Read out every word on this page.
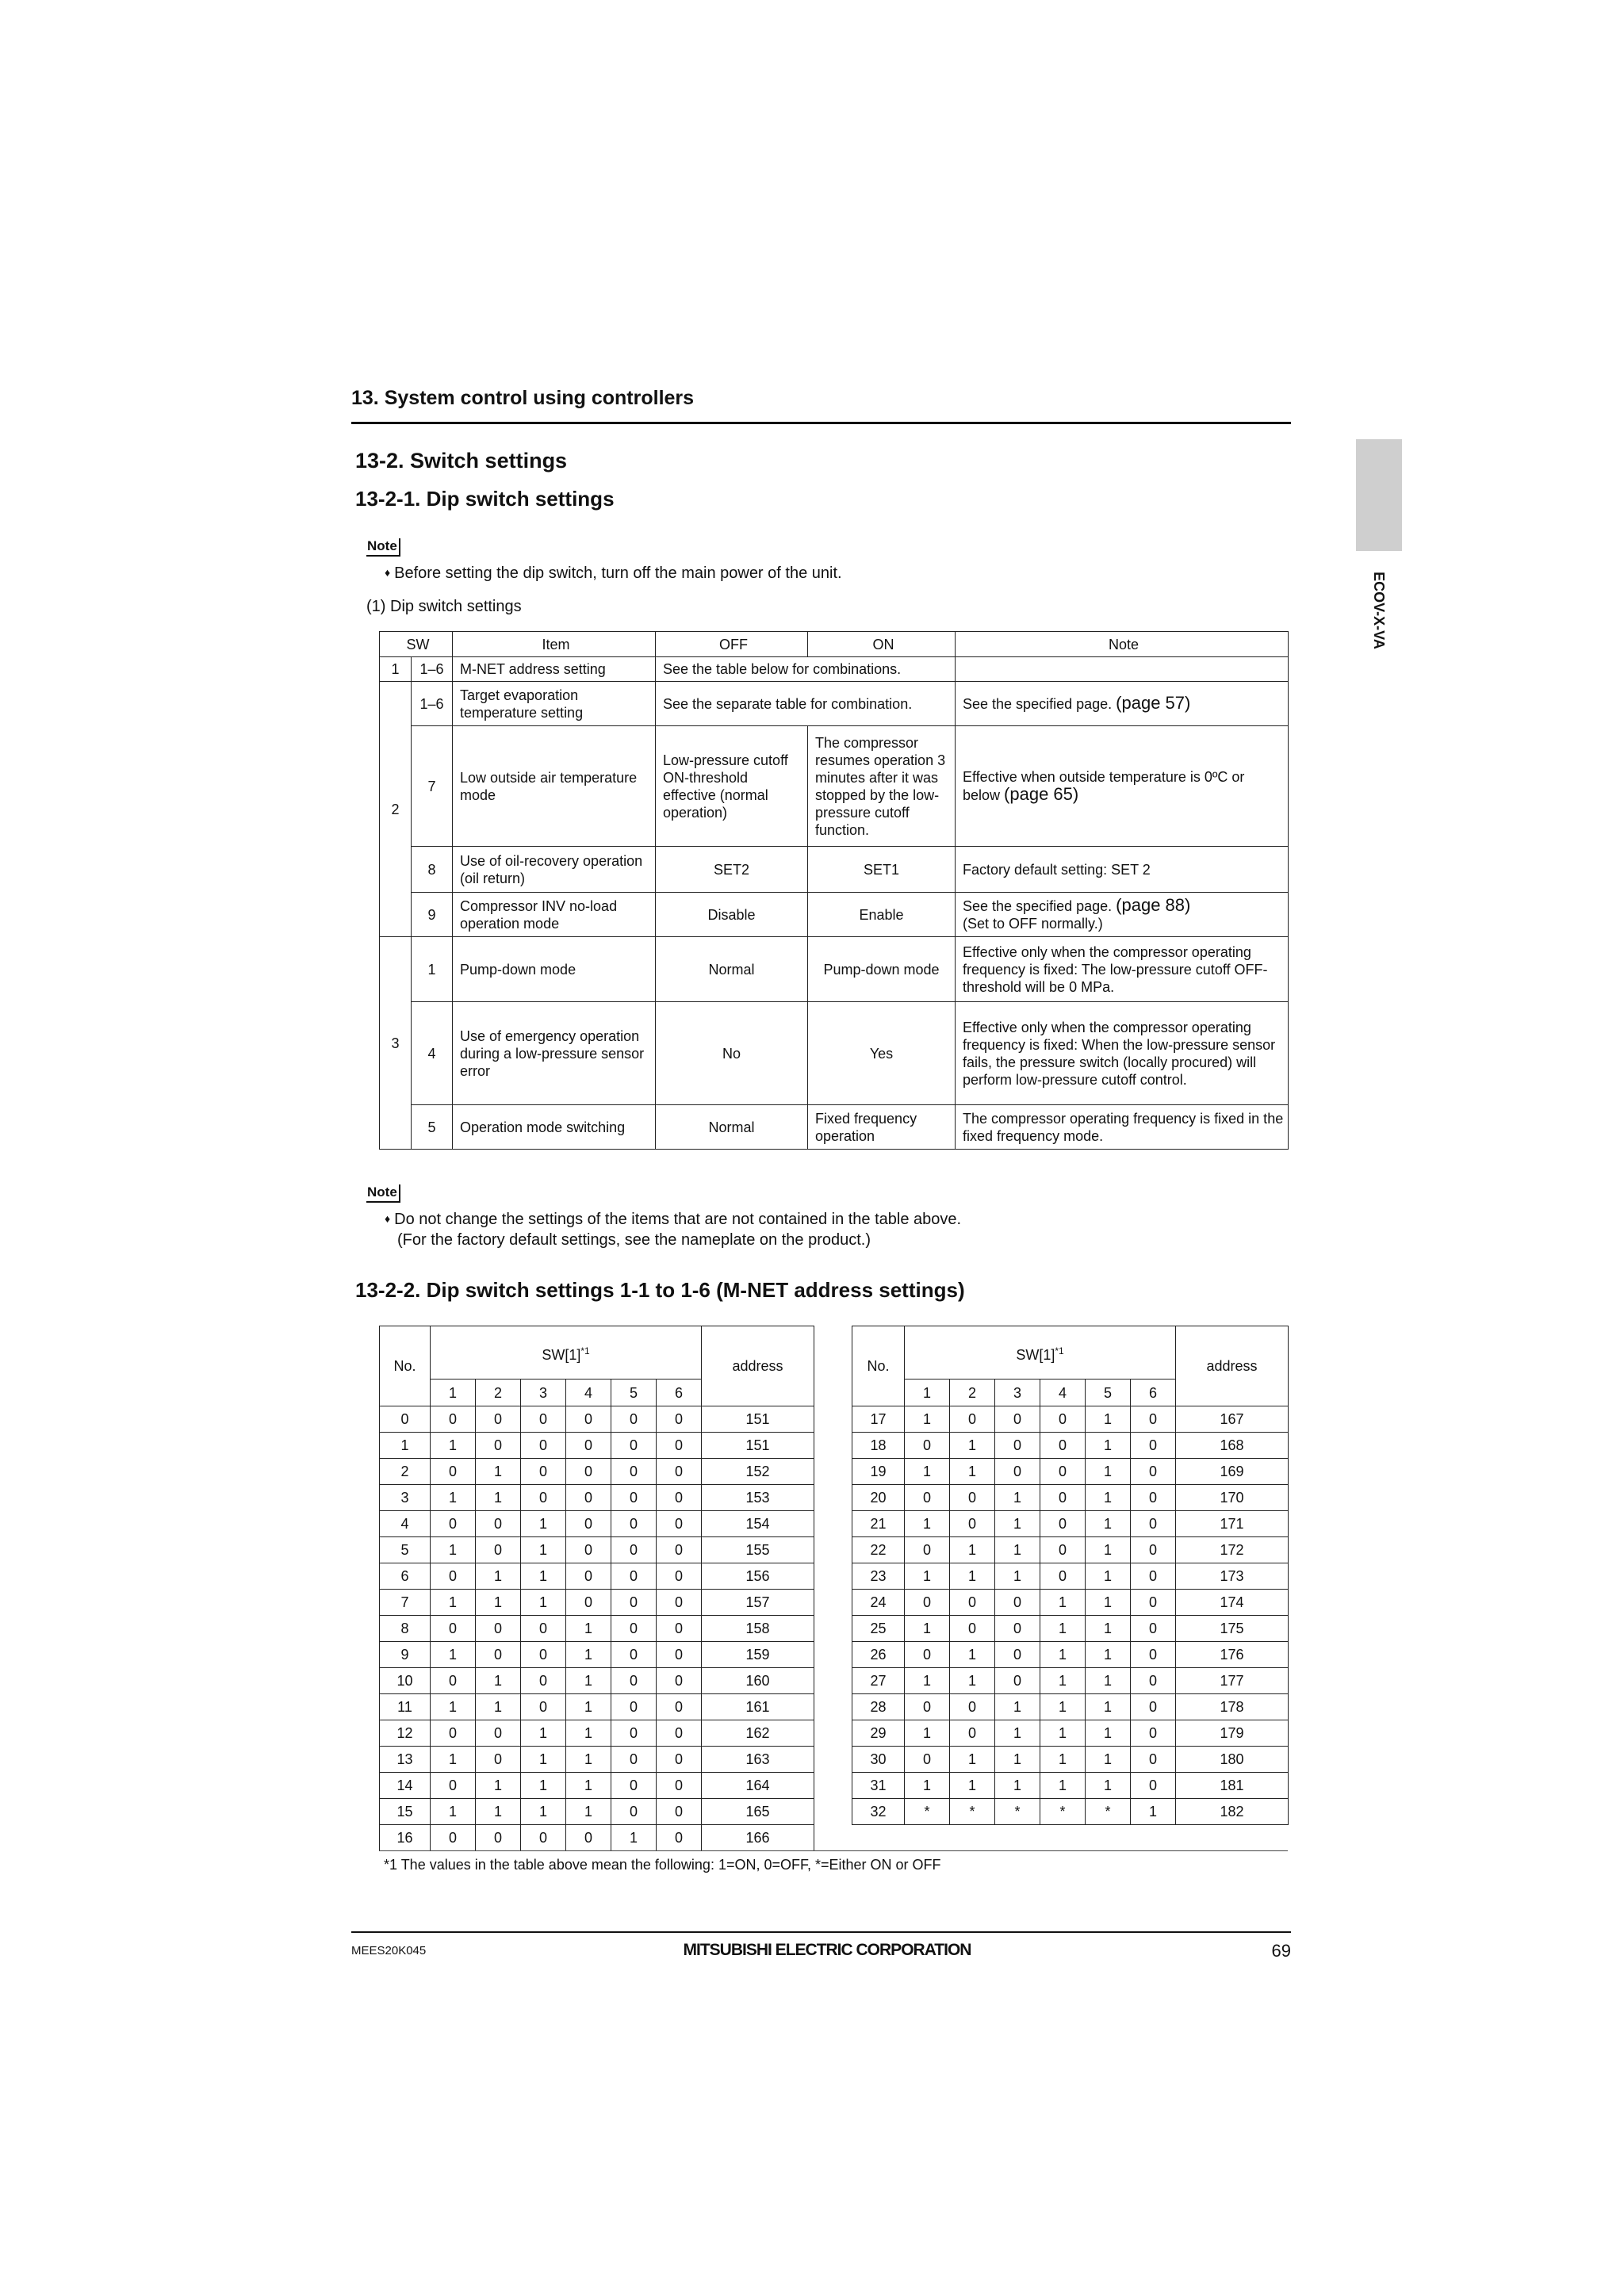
13. System control using controllers
ECOV-X-VA
13-2. Switch settings
13-2-1. Dip switch settings
Note
♦ Before setting the dip switch, turn off the main power of the unit.
(1) Dip switch settings
SW		Item	OFF	ON	Note
1	1–6	M-NET address setting	See the table below for combinations.		
2	1–6	Target evaporation temperature setting	See the separate table for combination.		See the specified page. (page 57)
	7	Low outside air temperature mode	Low-pressure cutoff ON-threshold effective (normal operation)	The compressor resumes operation 3 minutes after it was stopped by the low-pressure cutoff function.	Effective when outside temperature is 0ºC or below (page 65)
	8	Use of oil-recovery operation (oil return)	SET2	SET1	Factory default setting: SET 2
	9	Compressor INV no-load operation mode	Disable	Enable	See the specified page. (page 88)
(Set to OFF normally.)
3	1	Pump-down mode	Normal	Pump-down mode	Effective only when the compressor operating frequency is fixed: The low-pressure cutoff OFF-threshold will be 0 MPa.
	4	Use of emergency operation during a low-pressure sensor error	No	Yes	Effective only when the compressor operating frequency is fixed: When the low-pressure sensor fails, the pressure switch (locally procured) will perform low-pressure cutoff control.
	5	Operation mode switching	Normal	Fixed frequency operation	The compressor operating frequency is fixed in the fixed frequency mode.
Note
♦ Do not change the settings of the items that are not contained in the table above.
(For the factory default settings, see the nameplate on the product.)
13-2-2. Dip switch settings 1-1 to 1-6 (M-NET address settings)
No.	$SW[1]^{*1}$						address
	1	2	3	4	5	6	
0	0	0	0	0	0	0	151
1	1	0	0	0	0	0	151
2	0	1	0	0	0	0	152
3	1	1	0	0	0	0	153
4	0	0	1	0	0	0	154
5	1	0	1	0	0	0	155
6	0	1	1	0	0	0	156
7	1	1	1	0	0	0	157
8	0	0	0	1	0	0	158
9	1	0	0	1	0	0	159
10	0	1	0	1	0	0	160
11	1	1	0	1	0	0	161
12	0	0	1	1	0	0	162
13	1	0	1	1	0	0	163
14	0	1	1	1	0	0	164
15	1	1	1	1	0	0	165
16	0	0	0	0	1	0	166
No.	$SW[1]^{*1}$						address
	1	2	3	4	5	6	
17	1	0	0	0	1	0	167
18	0	1	0	0	1	0	168
19	1	1	0	0	1	0	169
20	0	0	1	0	1	0	170
21	1	0	1	0	1	0	171
22	0	1	1	0	1	0	172
23	1	1	1	0	1	0	173
24	0	0	0	1	1	0	174
25	1	0	0	1	1	0	175
26	0	1	0	1	1	0	176
27	1	1	0	1	1	0	177
28	0	0	1	1	1	0	178
29	1	0	1	1	1	0	179
30	0	1	1	1	1	0	180
31	1	1	1	1	1	0	181
32	*	*	*	*	*	1	182
*1 The values in the table above mean the following: 1=ON, 0=OFF, *=Either ON or OFF
MEES20K045	MITSUBISHI ELECTRIC CORPORATION	69
